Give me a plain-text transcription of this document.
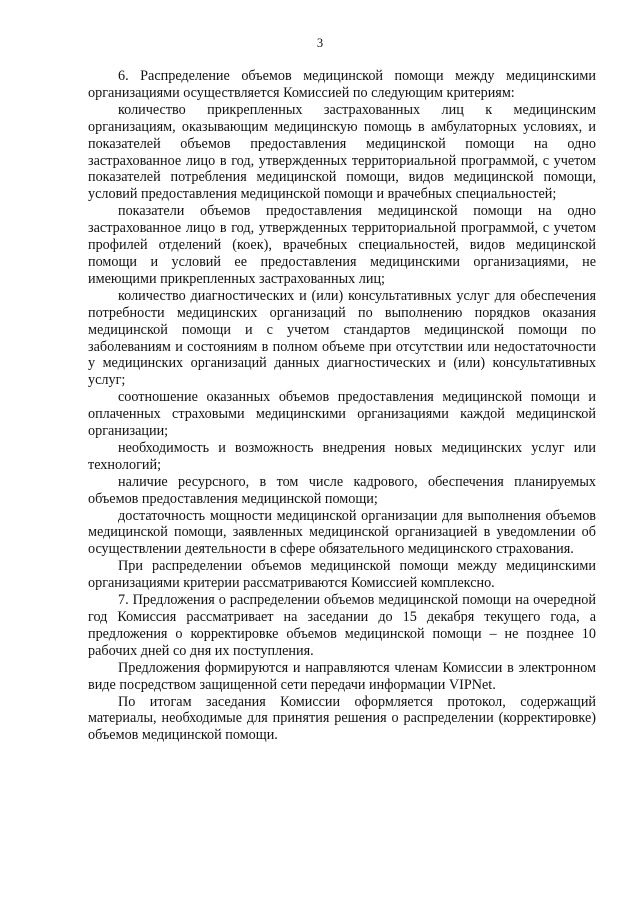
3

6. Распределение объемов медицинской помощи между медицинскими организациями осуществляется Комиссией по следующим критериям:

количество прикрепленных застрахованных лиц к медицинским организациям, оказывающим медицинскую помощь в амбулаторных условиях, и показателей объемов предоставления медицинской помощи на одно застрахованное лицо в год, утвержденных территориальной программой, с учетом показателей потребления медицинской помощи, видов медицинской помощи, условий предоставления медицинской помощи и врачебных специальностей;

показатели объемов предоставления медицинской помощи на одно застрахованное лицо в год, утвержденных территориальной программой, с учетом профилей отделений (коек), врачебных специальностей, видов медицинской помощи и условий ее предоставления медицинскими организациями, не имеющими прикрепленных застрахованных лиц;

количество диагностических и (или) консультативных услуг для обеспечения потребности медицинских организаций по выполнению порядков оказания медицинской помощи и с учетом стандартов медицинской помощи по заболеваниям и состояниям в полном объеме при отсутствии или недостаточности у медицинских организаций данных диагностических и (или) консультативных услуг;

соотношение оказанных объемов предоставления медицинской помощи и оплаченных страховыми медицинскими организациями каждой медицинской организации;

необходимость и возможность внедрения новых медицинских услуг или технологий;

наличие ресурсного, в том числе кадрового, обеспечения планируемых объемов предоставления медицинской помощи;

достаточность мощности медицинской организации для выполнения объемов медицинской помощи, заявленных медицинской организацией в уведомлении об осуществлении деятельности в сфере обязательного медицинского страхования.

При распределении объемов медицинской помощи между медицинскими организациями критерии рассматриваются Комиссией комплексно.

7. Предложения о распределении объемов медицинской помощи на очередной год Комиссия рассматривает на заседании до 15 декабря текущего года, а предложения о корректировке объемов медицинской помощи – не позднее 10 рабочих дней со дня их поступления.

Предложения формируются и направляются членам Комиссии в электронном виде посредством защищенной сети передачи информации VIPNet.

По итогам заседания Комиссии оформляется протокол, содержащий материалы, необходимые для принятия решения о распределении (корректировке) объемов медицинской помощи.
